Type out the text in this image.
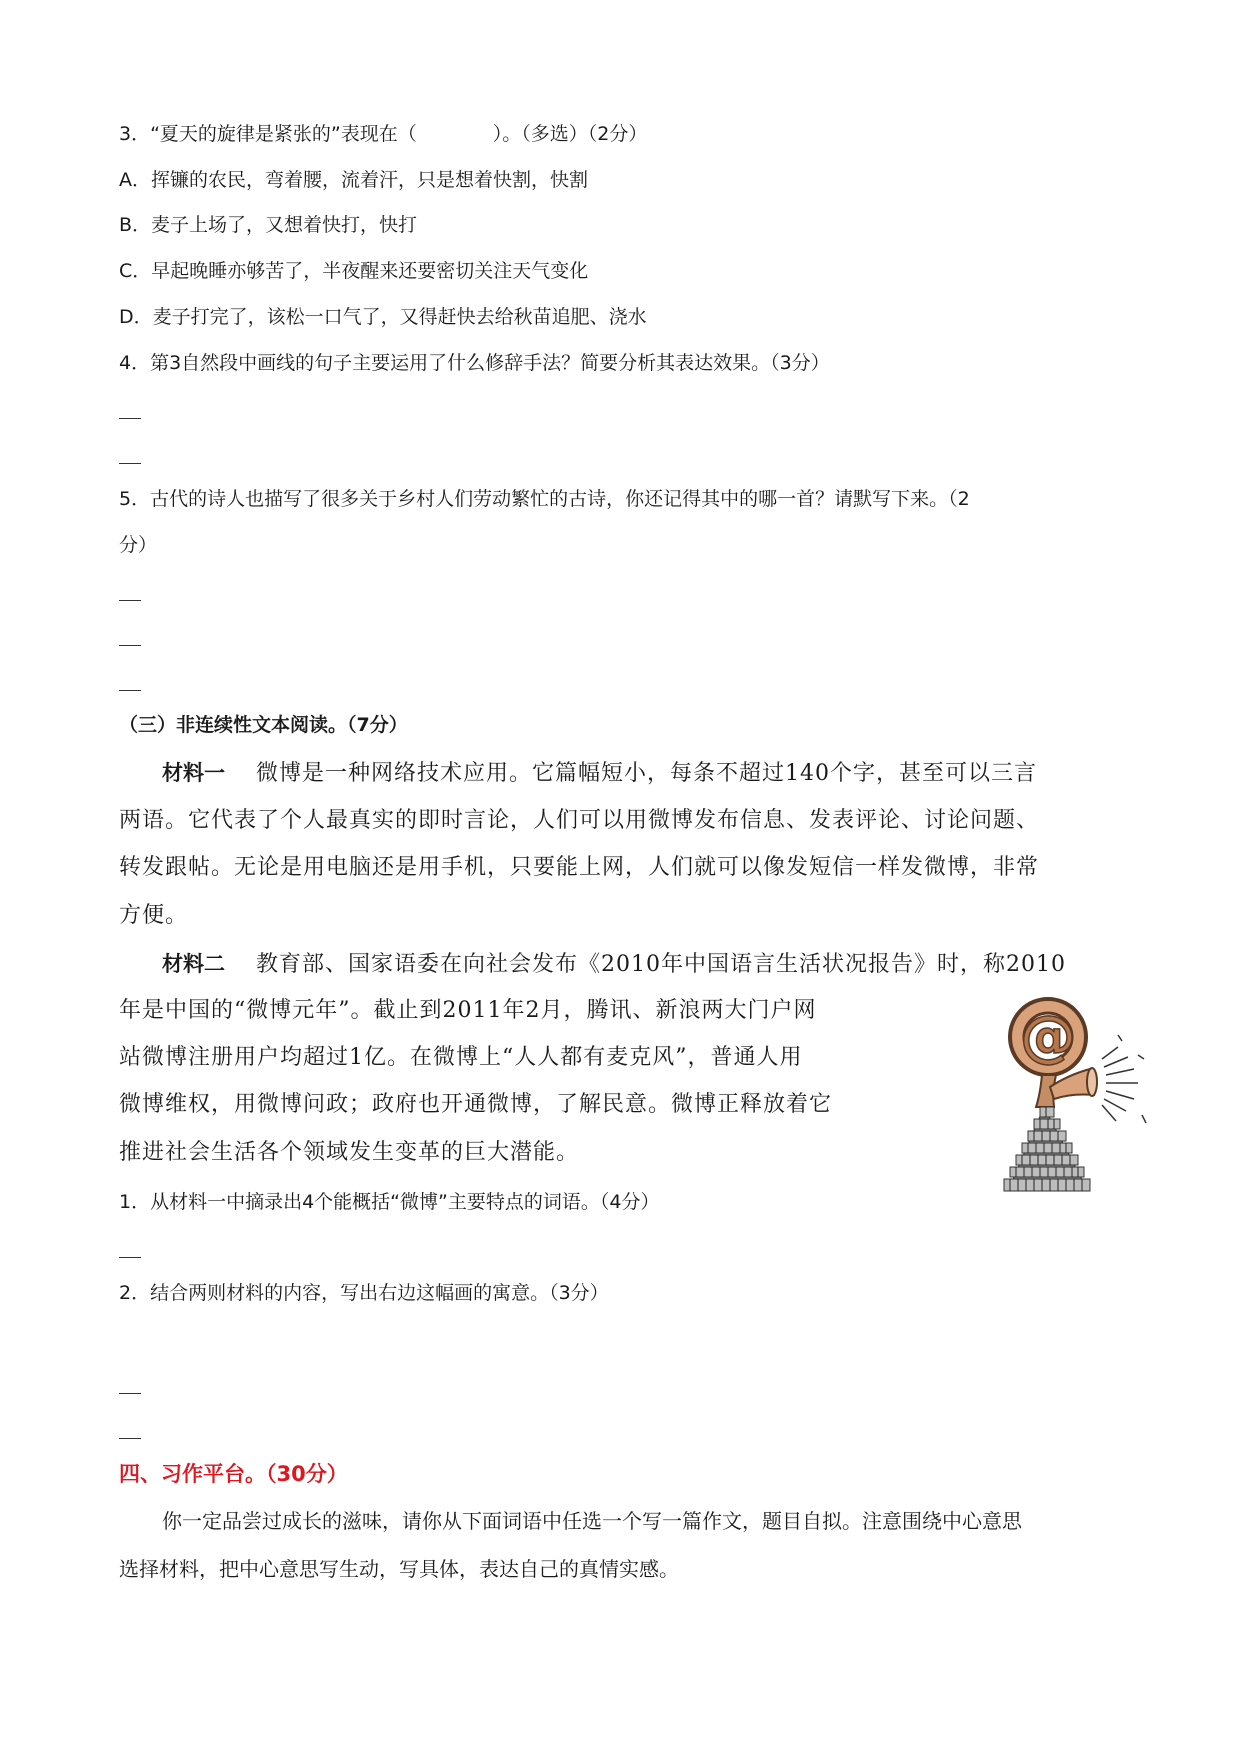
3．“夏天的旋律是紧张的”表现在（　　　　）。（多选）（2分）
A．挥镰的农民，弯着腰，流着汗，只是想着快割，快割
B．麦子上场了，又想着快打，快打
C．早起晚睡亦够苦了，半夜醒来还要密切关注天气变化
D．麦子打完了，该松一口气了，又得赶快去给秋苗追肥、浇水
4．第3自然段中画线的句子主要运用了什么修辞手法？简要分析其表达效果。（3分）
5．古代的诗人也描写了很多关于乡村人们劳动繁忙的古诗，你还记得其中的哪一首？请默写下来。（2
分）
（三）非连续性文本阅读。（7分）
材料一　 微博是一种网络技术应用。它篇幅短小，每条不超过140个字，甚至可以三言
两语。它代表了个人最真实的即时言论，人们可以用微博发布信息、发表评论、讨论问题、
转发跟帖。无论是用电脑还是用手机，只要能上网，人们就可以像发短信一样发微博，非常
方便。
材料二　 教育部、国家语委在向社会发布《2010年中国语言生活状况报告》时，称2010
年是中国的“微博元年”。截止到2011年2月，腾讯、新浪两大门户网
站微博注册用户均超过1亿。在微博上“人人都有麦克风”，普通人用
微博维权，用微博问政；政府也开通微博，了解民意。微博正释放着它
推进社会生活各个领域发生变革的巨大潜能。
@
1．从材料一中摘录出4个能概括“微博”主要特点的词语。（4分）
2．结合两则材料的内容，写出右边这幅画的寓意。（3分）
四、习作平台。（30分）
你一定品尝过成长的滋味，请你从下面词语中任选一个写一篇作文，题目自拟。注意围绕中心意思
选择材料，把中心意思写生动，写具体，表达自己的真情实感。
